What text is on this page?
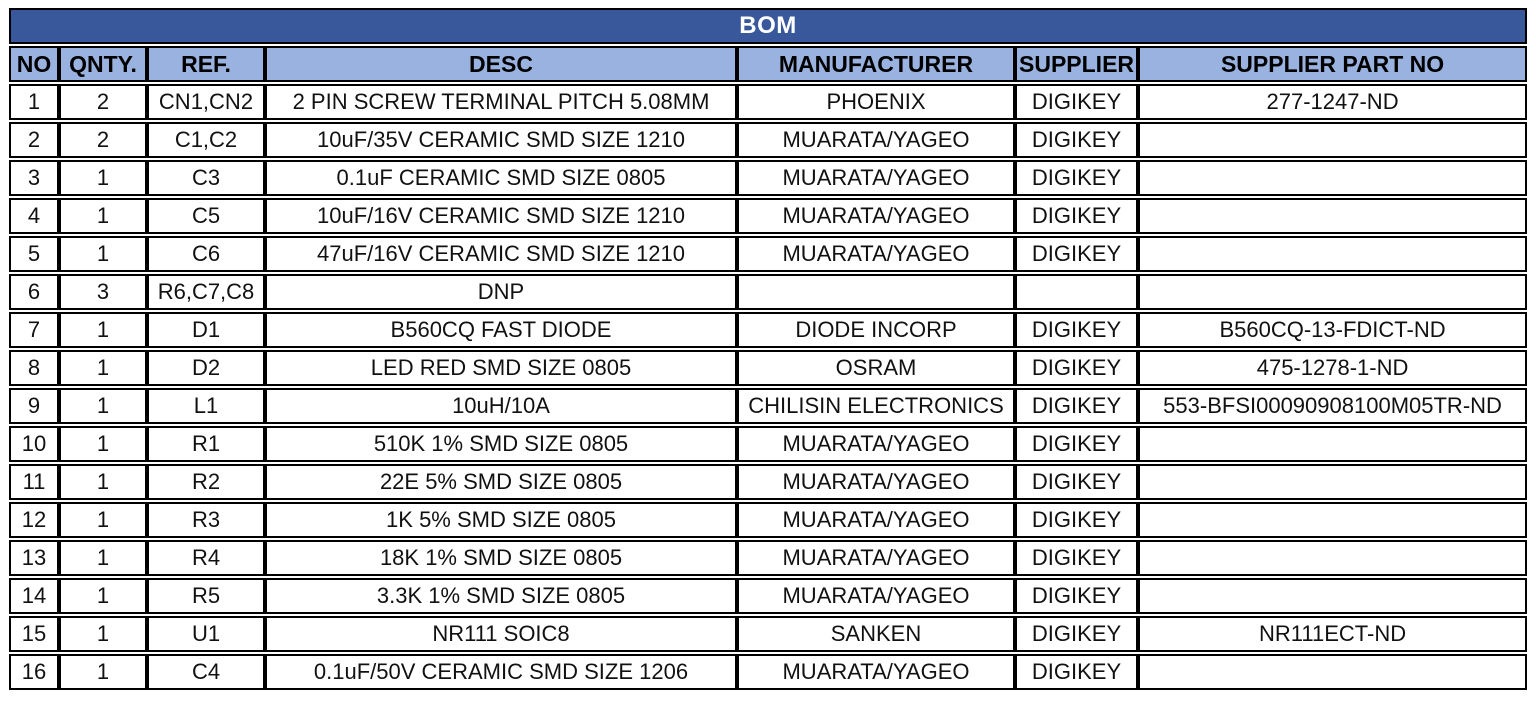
BOM						
NO	QNTY.	REF.	DESC	MANUFACTURER	SUPPLIER	SUPPLIER PART NO
1	2	CN1,CN2	2 PIN SCREW TERMINAL PITCH 5.08MM	PHOENIX	DIGIKEY	277-1247-ND
2	2	C1,C2	10uF/35V CERAMIC SMD SIZE 1210	MUARATA/YAGEO	DIGIKEY	
3	1	C3	0.1uF CERAMIC SMD SIZE 0805	MUARATA/YAGEO	DIGIKEY	
4	1	C5	10uF/16V CERAMIC SMD SIZE 1210	MUARATA/YAGEO	DIGIKEY	
5	1	C6	47uF/16V CERAMIC SMD SIZE 1210	MUARATA/YAGEO	DIGIKEY	
6	3	R6,C7,C8	DNP			
7	1	D1	B560CQ FAST DIODE	DIODE INCORP	DIGIKEY	B560CQ-13-FDICT-ND
8	1	D2	LED RED SMD SIZE 0805	OSRAM	DIGIKEY	475-1278-1-ND
9	1	L1	10uH/10A	CHILISIN ELECTRONICS	DIGIKEY	553-BFSI00090908100M05TR-ND
10	1	R1	510K 1% SMD SIZE 0805	MUARATA/YAGEO	DIGIKEY	
11	1	R2	22E 5% SMD SIZE 0805	MUARATA/YAGEO	DIGIKEY	
12	1	R3	1K 5% SMD SIZE 0805	MUARATA/YAGEO	DIGIKEY	
13	1	R4	18K 1% SMD SIZE 0805	MUARATA/YAGEO	DIGIKEY	
14	1	R5	3.3K 1% SMD SIZE 0805	MUARATA/YAGEO	DIGIKEY	
15	1	U1	NR111 SOIC8	SANKEN	DIGIKEY	NR111ECT-ND
16	1	C4	0.1uF/50V CERAMIC SMD SIZE 1206	MUARATA/YAGEO	DIGIKEY	
